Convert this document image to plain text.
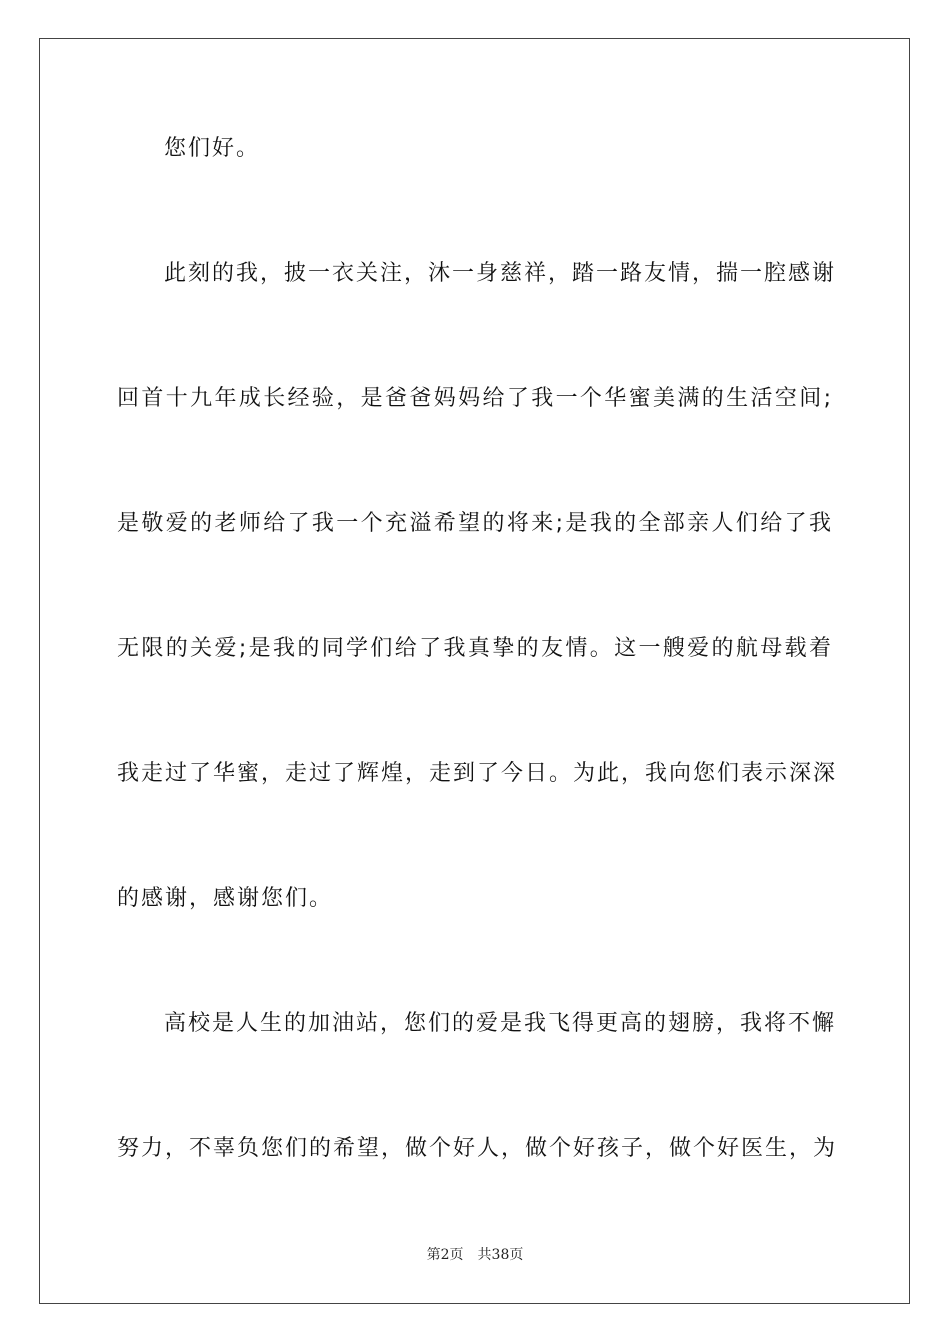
您们好。
此刻的我，披一衣关注，沐一身慈祥，踏一路友情，揣一腔感谢
回首十九年成长经验，是爸爸妈妈给了我一个华蜜美满的生活空间;
是敬爱的老师给了我一个充溢希望的将来;是我的全部亲人们给了我
无限的关爱;是我的同学们给了我真挚的友情。这一艘爱的航母载着
我走过了华蜜，走过了辉煌，走到了今日。为此，我向您们表示深深
的感谢，感谢您们。
高校是人生的加油站，您们的爱是我飞得更高的翅膀，我将不懈
努力，不辜负您们的希望，做个好人，做个好孩子，做个好医生，为
第2页 共38页
